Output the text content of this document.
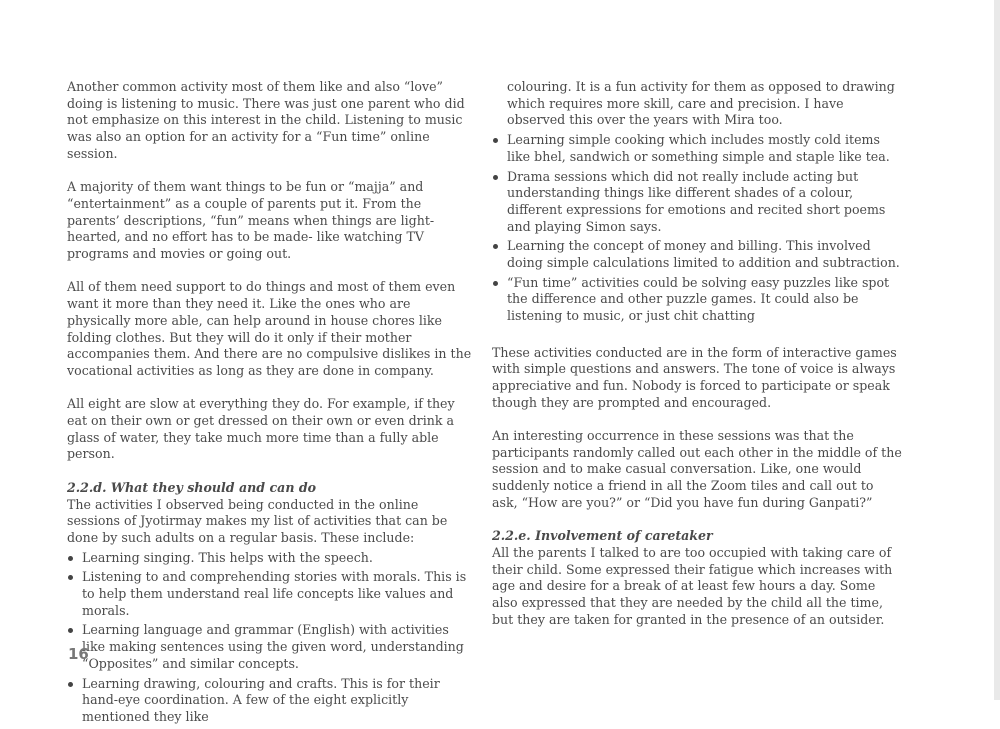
Another common activity most of them like and also “love” doing is listening to music. There was just one parent who did not emphasize on this interest in the child. Listening to music was also an option for an activity for a “Fun time” online session.

A majority of them want things to be fun or “majja” and “entertainment” as a couple of parents put it. From the parents’ descriptions, “fun” means when things are light-hearted, and no effort has to be made- like watching TV programs and movies or going out.

All of them need support to do things and most of them even want it more than they need it. Like the ones who are physically more able, can help around in house chores like folding clothes. But they will do it only if their mother accompanies them. And there are no compulsive dislikes in the vocational activities as long as they are done in company.

All eight are slow at everything they do. For example, if they eat on their own or get dressed on their own or even drink a glass of water, they take much more time than a fully able person.

2.2.d. What they should and can do

The activities I observed being conducted in the online sessions of Jyotirmay makes my list of activities that can be done by such adults on a regular basis. These include:

Learning singing. This helps with the speech.
Listening to and comprehending stories with morals. This is to help them understand real life concepts like values and morals.
Learning language and grammar (English) with activities like making sentences using the given word, understanding “Opposites” and similar concepts.
Learning drawing, colouring and crafts. This is for their hand-eye coordination. A few of the eight explicitly mentioned they like

colouring. It is a fun activity for them as opposed to drawing which requires more skill, care and precision. I have observed this over the years with Mira too.

Learning simple cooking which includes mostly cold items like bhel, sandwich or something simple and staple like tea.
Drama sessions which did not really include acting but understanding things like different shades of a colour, different expressions for emotions and recited short poems and playing Simon says.
Learning the concept of money and billing. This involved doing simple calculations limited to addition and subtraction.
“Fun time” activities could be solving easy puzzles like spot the difference and other puzzle games. It could also be listening to music, or just chit chatting

These activities conducted are in the form of interactive games with simple questions and answers. The tone of voice is always appreciative and fun. Nobody is forced to participate or speak though they are prompted and encouraged.

An interesting occurrence in these sessions was that the participants randomly called out each other in the middle of the session and to make casual conversation. Like, one would suddenly notice a friend in all the Zoom tiles and call out to ask, “How are you?” or “Did you have fun during Ganpati?”

2.2.e. Involvement of caretaker

All the parents I talked to are too occupied with taking care of their child. Some expressed their fatigue which increases with age and desire for a break of at least few hours a day. Some also expressed that they are needed by the child all the time, but they are taken for granted in the presence of an outsider.

16
